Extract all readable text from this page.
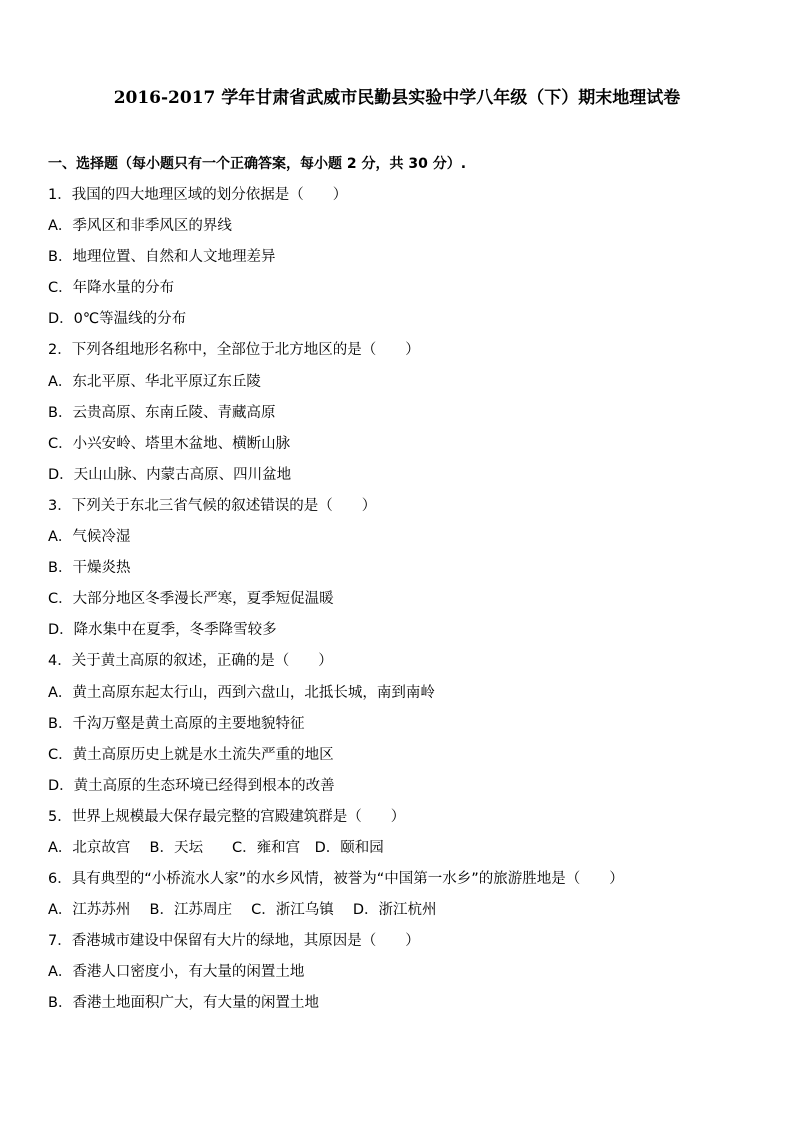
2016-2017 学年甘肃省武威市民勤县实验中学八年级（下）期末地理试卷
一、选择题（每小题只有一个正确答案，每小题 2 分，共 30 分）.
1．我国的四大地理区域的划分依据是（　　）
A．季风区和非季风区的界线
B．地理位置、自然和人文地理差异
C．年降水量的分布
D．0℃等温线的分布
2．下列各组地形名称中，全部位于北方地区的是（　　）
A．东北平原、华北平原辽东丘陵
B．云贵高原、东南丘陵、青藏高原
C．小兴安岭、塔里木盆地、横断山脉
D．天山山脉、内蒙古高原、四川盆地
3．下列关于东北三省气候的叙述错误的是（　　）
A．气候冷湿
B．干燥炎热
C．大部分地区冬季漫长严寒，夏季短促温暖
D．降水集中在夏季，冬季降雪较多
4．关于黄土高原的叙述，正确的是（　　）
A．黄土高原东起太行山，西到六盘山，北抵长城，南到南岭
B．千沟万壑是黄土高原的主要地貌特征
C．黄土高原历史上就是水土流失严重的地区
D．黄土高原的生态环境已经得到根本的改善
5．世界上规模最大保存最完整的宫殿建筑群是（　　）
A．北京故宫　 B．天坛　　C．雍和宫　D．颐和园
6．具有典型的“小桥流水人家”的水乡风情，被誉为“中国第一水乡”的旅游胜地是（　　）
A．江苏苏州　 B．江苏周庄　 C．浙江乌镇　 D．浙江杭州
7．香港城市建设中保留有大片的绿地，其原因是（　　）
A．香港人口密度小，有大量的闲置土地
B．香港土地面积广大，有大量的闲置土地
